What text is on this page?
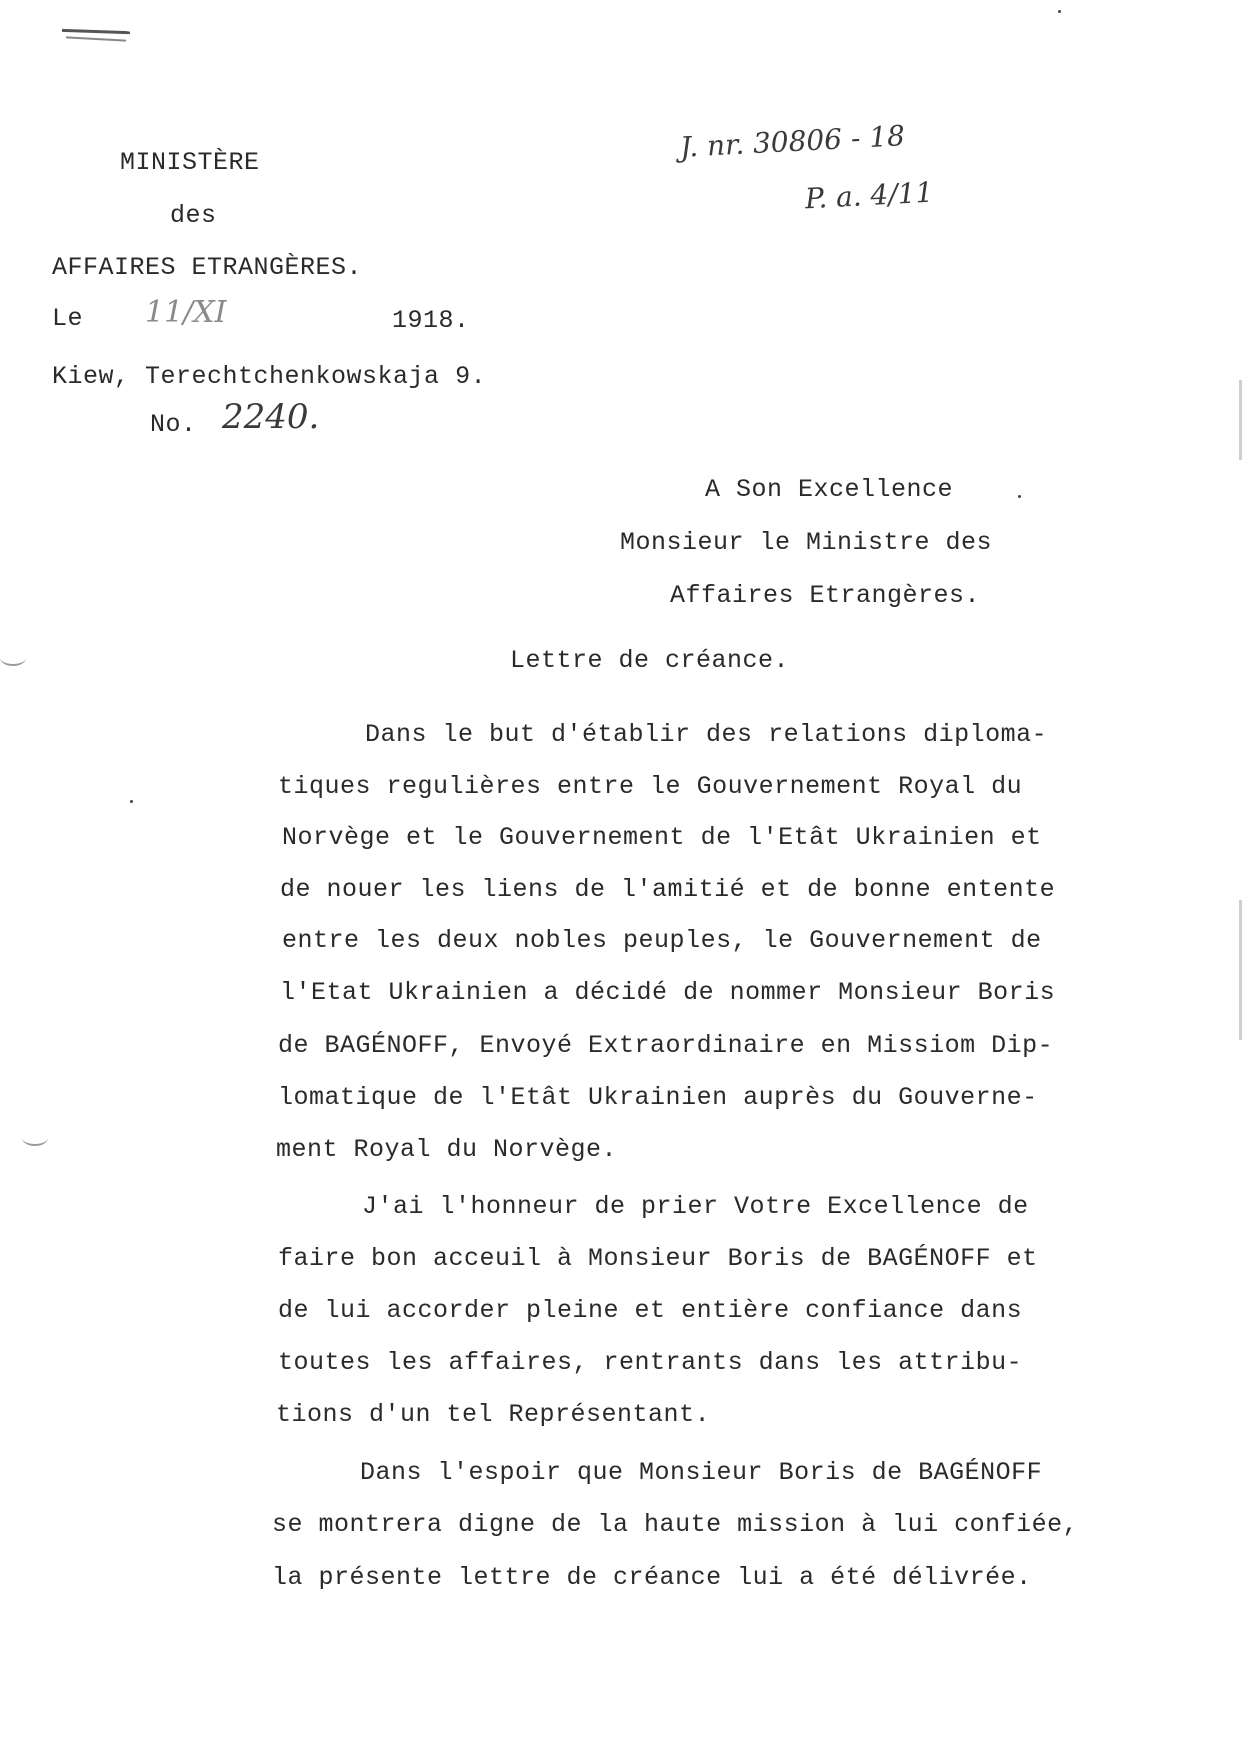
MINISTÈRE
des
AFFAIRES ETRANGÈRES.
Le 11/XI	1918.
Kiew, Terechtchenkowskaja 9.
No. 2240.
J. nr. 30806 - 18
P. a. 4/11
A Son Excellence
Monsieur le Ministre des
Affaires Etrangères.
Lettre de créance.
Dans le but d'établir des relations diploma-
tiques regulières entre le Gouvernement Royal du
Norvège et le Gouvernement de l'Etât Ukrainien et
de nouer les liens de l'amitié et de bonne entente
entre les deux nobles peuples, le Gouvernement de
l'Etat Ukrainien a décidé de nommer Monsieur Boris
de BAGÉNOFF, Envoyé Extraordinaire en Missiom Dip-
lomatique de l'Etât Ukrainien auprès du Gouverne-
ment Royal du Norvège.
J'ai l'honneur de prier Votre Excellence de
faire bon acceuil à Monsieur Boris de BAGÉNOFF et
de lui accorder pleine et entière confiance dans
toutes les affaires, rentrants dans les attribu-
tions d'un tel Représentant.
Dans l'espoir que Monsieur Boris de BAGÉNOFF
se montrera digne de la haute mission à lui confiée,
la présente lettre de créance lui a été délivrée.
